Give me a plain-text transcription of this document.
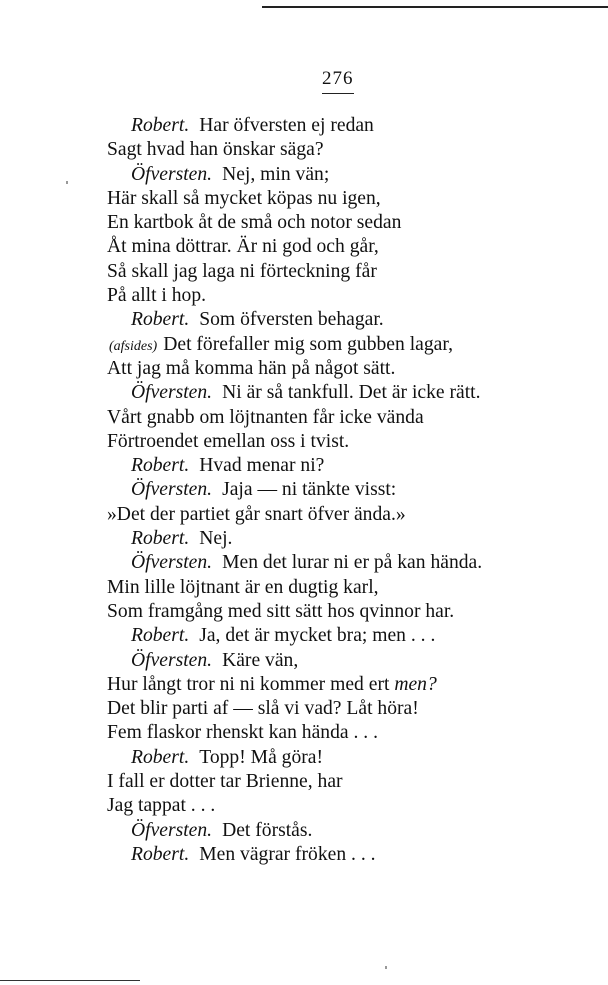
276
Robert. Har öfversten ej redan
Sagt hvad han önskar säga?
Öfversten. Nej, min vän;
Här skall så mycket köpas nu igen,
En kartbok åt de små och notor sedan
Åt mina döttrar. Är ni god och går,
Så skall jag laga ni förteckning får
På allt i hop.
Robert. Som öfversten behagar.
(afsides) Det förefaller mig som gubben lagar,
Att jag må komma hän på något sätt.
Öfversten. Ni är så tankfull. Det är icke rätt.
Vårt gnabb om löjtnanten får icke vända
Förtroendet emellan oss i tvist.
Robert. Hvad menar ni?
Öfversten. Jaja — ni tänkte visst:
»Det der partiet går snart öfver ända.»
Robert. Nej.
Öfversten. Men det lurar ni er på kan hända.
Min lille löjtnant är en dugtig karl,
Som framgång med sitt sätt hos qvinnor har.
Robert. Ja, det är mycket bra; men . . .
Öfversten. Käre vän,
Hur långt tror ni ni kommer med ert men?
Det blir parti af — slå vi vad? Låt höra!
Fem flaskor rhenskt kan hända . . .
Robert. Topp! Må göra!
I fall er dotter tar Brienne, har
Jag tappat . . .
Öfversten. Det förstås.
Robert. Men vägrar fröken . . .
